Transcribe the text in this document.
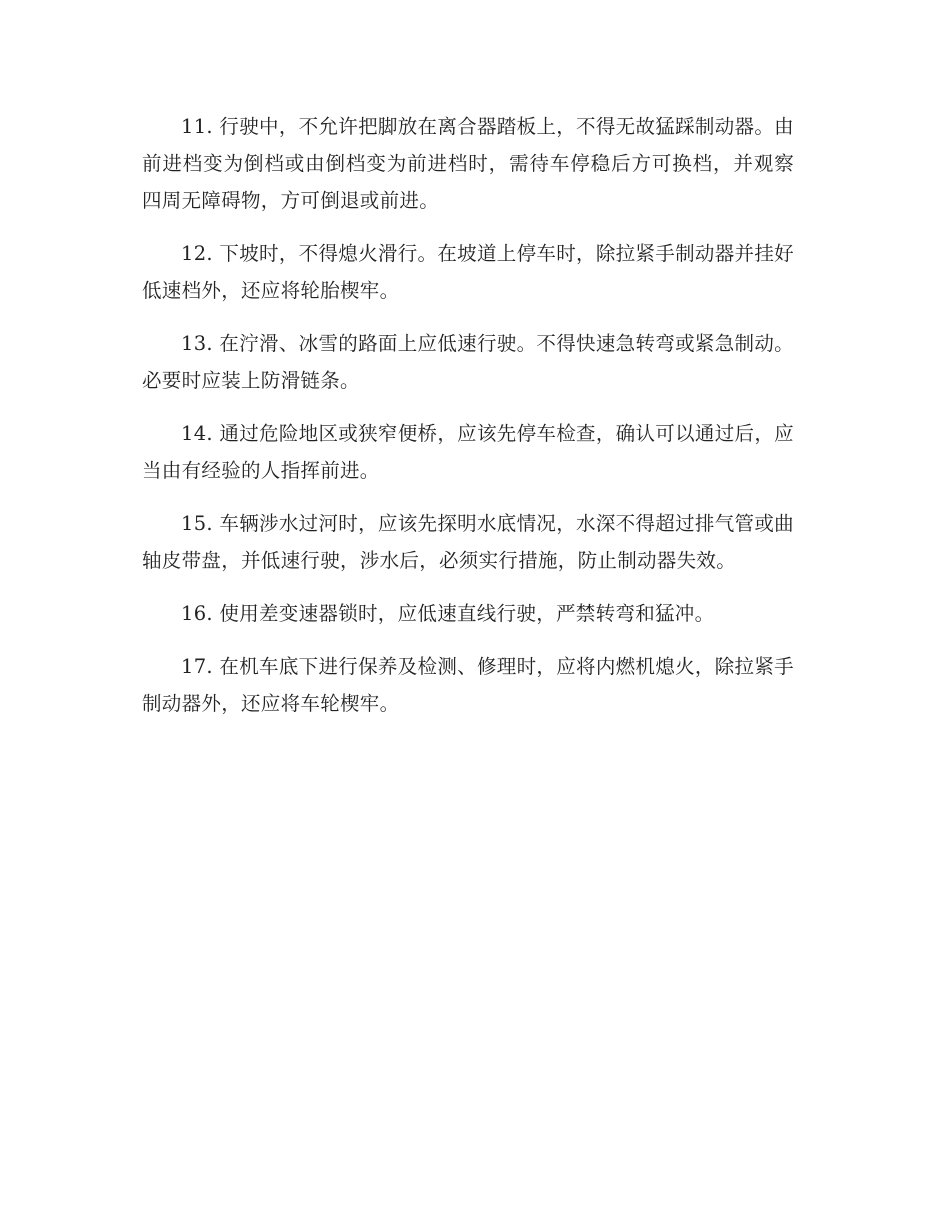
11. 行驶中，不允许把脚放在离合器踏板上，不得无故猛踩制动器。由前进档变为倒档或由倒档变为前进档时，需待车停稳后方可换档，并观察四周无障碍物，方可倒退或前进。

12. 下坡时，不得熄火滑行。在坡道上停车时，除拉紧手制动器并挂好低速档外，还应将轮胎楔牢。

13. 在泞滑、冰雪的路面上应低速行驶。不得快速急转弯或紧急制动。必要时应装上防滑链条。

14. 通过危险地区或狭窄便桥，应该先停车检查，确认可以通过后，应当由有经验的人指挥前进。

15. 车辆涉水过河时，应该先探明水底情况，水深不得超过排气管或曲轴皮带盘，并低速行驶，涉水后，必须实行措施，防止制动器失效。

16. 使用差变速器锁时，应低速直线行驶，严禁转弯和猛冲。

17. 在机车底下进行保养及检测、修理时，应将内燃机熄火，除拉紧手制动器外，还应将车轮楔牢。
